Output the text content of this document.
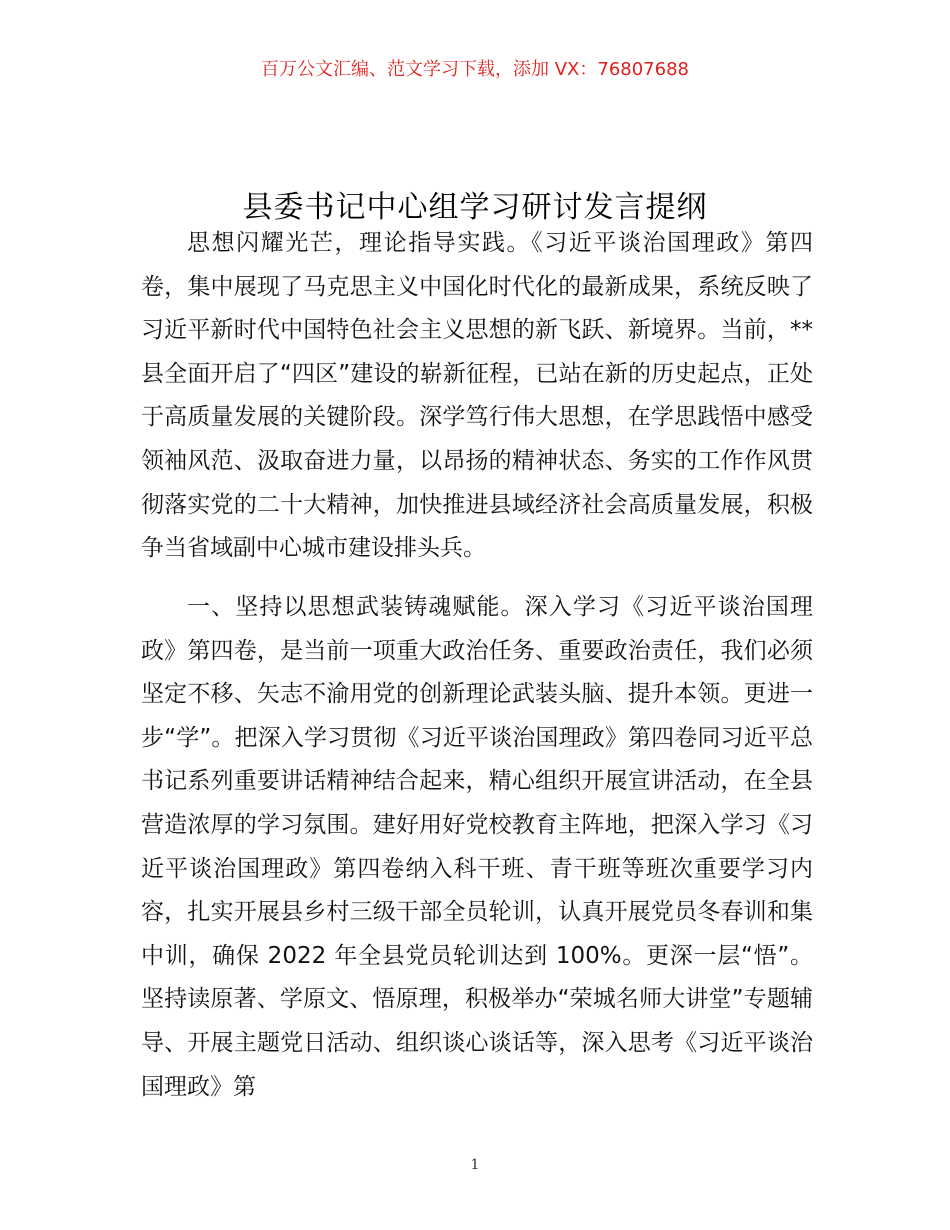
百万公文汇编、范文学习下载，添加 VX：76807688
县委书记中心组学习研讨发言提纲

思想闪耀光芒，理论指导实践。《习近平谈治国理政》第四卷，集中展现了马克思主义中国化时代化的最新成果，系统反映了习近平新时代中国特色社会主义思想的新飞跃、新境界。当前，**县全面开启了“四区”建设的崭新征程，已站在新的历史起点，正处于高质量发展的关键阶段。深学笃行伟大思想，在学思践悟中感受领袖风范、汲取奋进力量，以昂扬的精神状态、务实的工作作风贯彻落实党的二十大精神，加快推进县域经济社会高质量发展，积极争当省域副中心城市建设排头兵。

一、坚持以思想武装铸魂赋能。深入学习《习近平谈治国理政》第四卷，是当前一项重大政治任务、重要政治责任，我们必须坚定不移、矢志不渝用党的创新理论武装头脑、提升本领。更进一步“学”。把深入学习贯彻《习近平谈治国理政》第四卷同习近平总书记系列重要讲话精神结合起来，精心组织开展宣讲活动，在全县营造浓厚的学习氛围。建好用好党校教育主阵地，把深入学习《习近平谈治国理政》第四卷纳入科干班、青干班等班次重要学习内容，扎实开展县乡村三级干部全员轮训，认真开展党员冬春训和集中训，确保 2022 年全县党员轮训达到 100%。更深一层“悟”。坚持读原著、学原文、悟原理，积极举办“荣城名师大讲堂”专题辅导、开展主题党日活动、组织谈心谈话等，深入思考《习近平谈治国理政》第

1
